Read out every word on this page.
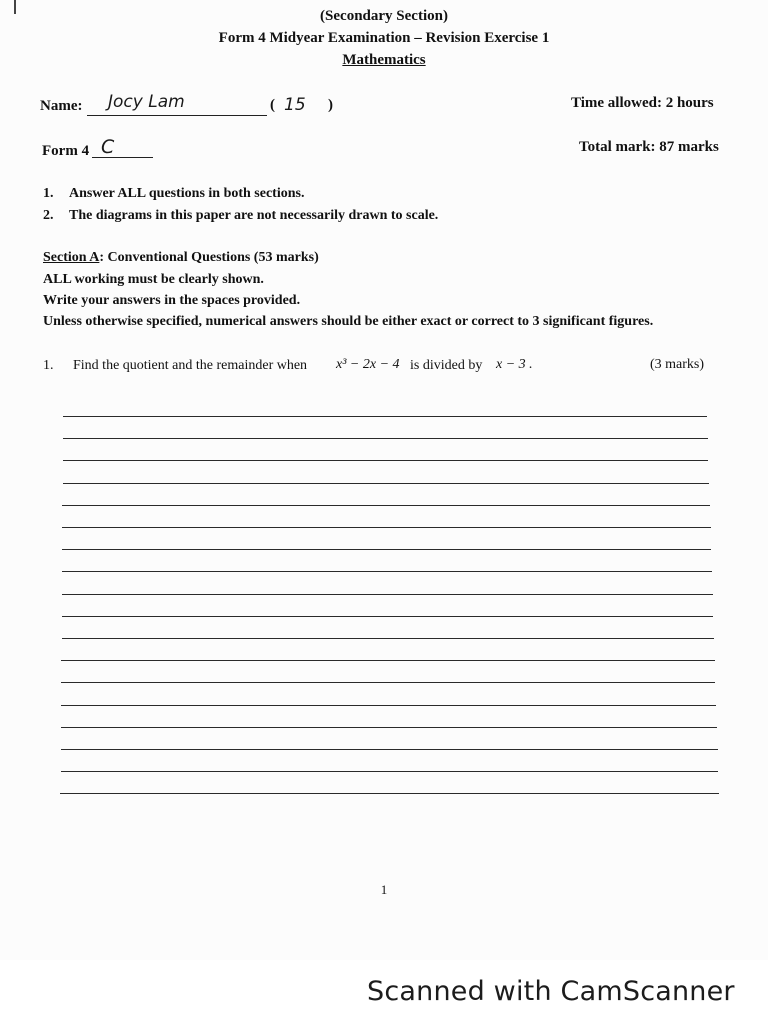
(Secondary Section)
Form 4 Midyear Examination – Revision Exercise 1
Mathematics
Name: Jocy Lam	( 15 )	Time allowed: 2 hours
Form 4 C	Total mark: 87 marks
1. Answer ALL questions in both sections.
2. The diagrams in this paper are not necessarily drawn to scale.
Section A: Conventional Questions (53 marks)
ALL working must be clearly shown.
Write your answers in the spaces provided.
Unless otherwise specified, numerical answers should be either exact or correct to 3 significant figures.
1. Find the quotient and the remainder when x³ − 2x − 4 is divided by x − 3 .	(3 marks)
1
Scanned with CamScanner
